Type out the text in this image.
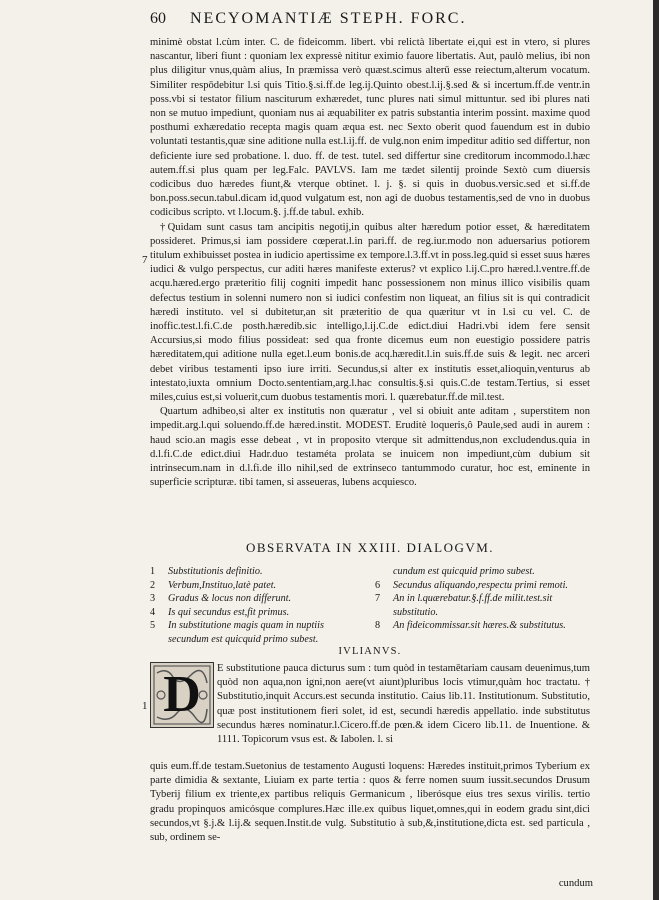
60 NECYOMANTIÆ STEPH. FORC.

minimè obstat l.cùm inter. C. de fideicomm. libert. vbi relictà libertate ei,qui est in vtero, si plures nascantur, liberi fiunt : quoniam lex expressè nititur eximio fauore libertatis. Aut, paulò melius, ibi non plus diligitur vnus,quàm alius, In præmissa verò quæst.scimus alterū esse reiectum,alterum vocatum. Similiter respōdebitur l.si quis Titio.§.si.ff.de leg.ij.Quinto obest.l.ij.§.sed & si incertum.ff.de ventr.in poss.vbi si testator filium nasciturum exhæredet, tunc plures nati simul mittuntur. sed ibi plures nati non se mutuo impediunt, quoniam nus ai æquabiliter ex patris substantia interim possint. maxime quod posthumi exhæredatio recepta magis quam æqua est. nec Sexto oberit quod fauendum est in dubio voluntati testantis,quæ sine aditione nulla est.l.ij.ff. de vulg.non enim impeditur aditio sed differtur, non deficiente iure sed probatione. l. duo. ff. de test. tutel. sed differtur sine creditorum incommodo.l.hæc autem.ff.si plus quam per leg.Falc. PAVLVS. Iam me tædet silentij proinde Sextò cum diuersis codicibus duo hæredes fiunt,& vterque obtinet. l. j. §. si quis in duobus.versic.sed et si.ff.de bon.poss.secun.tabul.dicam id,quod vulgatum est, non agi de duobus testamentis,sed de vno in duobus codicibus scripto. vt l.locum.§. j.ff.de tabul. exhib.

†Quidam sunt casus tam ancipitis negotij,in quibus alter hæredum potior esset, & hæreditatem possideret. Primus,si iam possidere cœperat.l.in pari.ff. de reg.iur.modo non aduersarius potiorem titulum exhibuisset postea in iudicio apertissime ex tempore.l.3.ff.vt in poss.leg.quid si esset suus hæres iudici & vulgo perspectus, cur aditi hæres manifeste exterus? vt explico l.ij.C.pro hæred.l.ventre.ff.de acqu.hæred.ergo præteritio filij cogniti impedit hanc possessionem non minus illico visibilis quam defectus testium in solenni numero non si iudici confestim non liqueat, an filius sit is qui contradicit hæredi instituto. vel si dubitetur,an sit præteritio de qua quæritur vt in l.si cu vel. C. de inoffic.test.l.fi.C.de posth.hæredib.sic intelligo,l.ij.C.de edict.diui Hadri.vbi idem fere sensit Accursius,si modo filius possideat: sed qua fronte dicemus eum non euestigio possidere patris hæreditatem,qui aditione nulla eget.l.eum bonis.de acq.hæredit.l.in suis.ff.de suis & legit. nec arceri debet viribus testamenti ipso iure irriti. Secundus,si alter ex institutis esset,alioquin,venturus ab intestato,iuxta omnium Docto.sententiam,arg.l.hac consultis.§.si quis.C.de testam.Tertius, si esset miles,cuius est,si voluerit,cum duobus testamentis mori. l. quærebatur.ff.de mil.test.

Quartum adhibeo,si alter ex institutis non quæratur , vel si obiuit ante aditam , superstitem non impedit.arg.l.qui soluendo.ff.de hæred.instit. MODEST. Eruditè loqueris,ô Paule,sed audi in aurem : haud scio.an magis esse debeat , vt in proposito vterque sit admittendus,non excludendus.quia in d.l.fi.C.de edict.diui Hadr.duo testaméta prolata se inuicem non impediunt,cùm dubium sit intrinsecum.nam in d.l.fi.de illo nihil,sed de extrinseco tantummodo curatur, hoc est, eminente in superficie scripturæ. tibi tamen, si asseueras, lubens acquiesco.

7
OBSERVATA IN XXIII. DIALOGVM.
1	Substitutionis definitio.
2	Verbum,Instituo,latè patet.
3	Gradus & locus non differunt.
4	Is qui secundus est,fit primus.
5	In substitutione magis quam in nuptiis secundum est quicquid primo subest.
cundum est quicquid primo subest.
6	Secundus aliquando,respectu primi remoti.
7	An in l.quærebatur.§.f.ff.de milit.test.sit substitutio.
8	An fideicommissar.sit hæres.& substitutus.
IVLIANVS.
D
1

E substitutione pauca dicturus sum : tum quòd in testamētariam causam deuenimus,tum quòd non aqua,non igni,non aere(vt aiunt)pluribus locis vtimur,quàm hoc tractatu. † Substitutio,inquit Accurs.est secunda institutio. Caius lib.11. Institutionum. Substitutio, quæ post institutionem fieri solet, id est, secundi hæredis appellatio. inde substitutus secundus hæres nominatur.l.Cicero.ff.de pœn.& idem Cicero lib.11. de Inuentione. & 1111. Topicorum vsus est. & Iabolen. l. si

quis eum.ff.de testam.Suetonius de testamento Augusti loquens: Hæredes instituit,primos Tyberium ex parte dimidia & sextante, Liuiam ex parte tertia : quos & ferre nomen suum iussit.secundos Drusum Tyberij filium ex triente,ex partibus reliquis Germanicum , liberósque eius tres sexus virilis. tertio gradu propinquos amicósque complures.Hæc ille.ex quibus liquet,omnes,qui in eodem gradu sint,dici secundos,vt §.j.& l.ij.& sequen.Instit.de vulg. Substitutio à sub,&,institutione,dicta est. sed particula , sub, ordinem se-

cundum
